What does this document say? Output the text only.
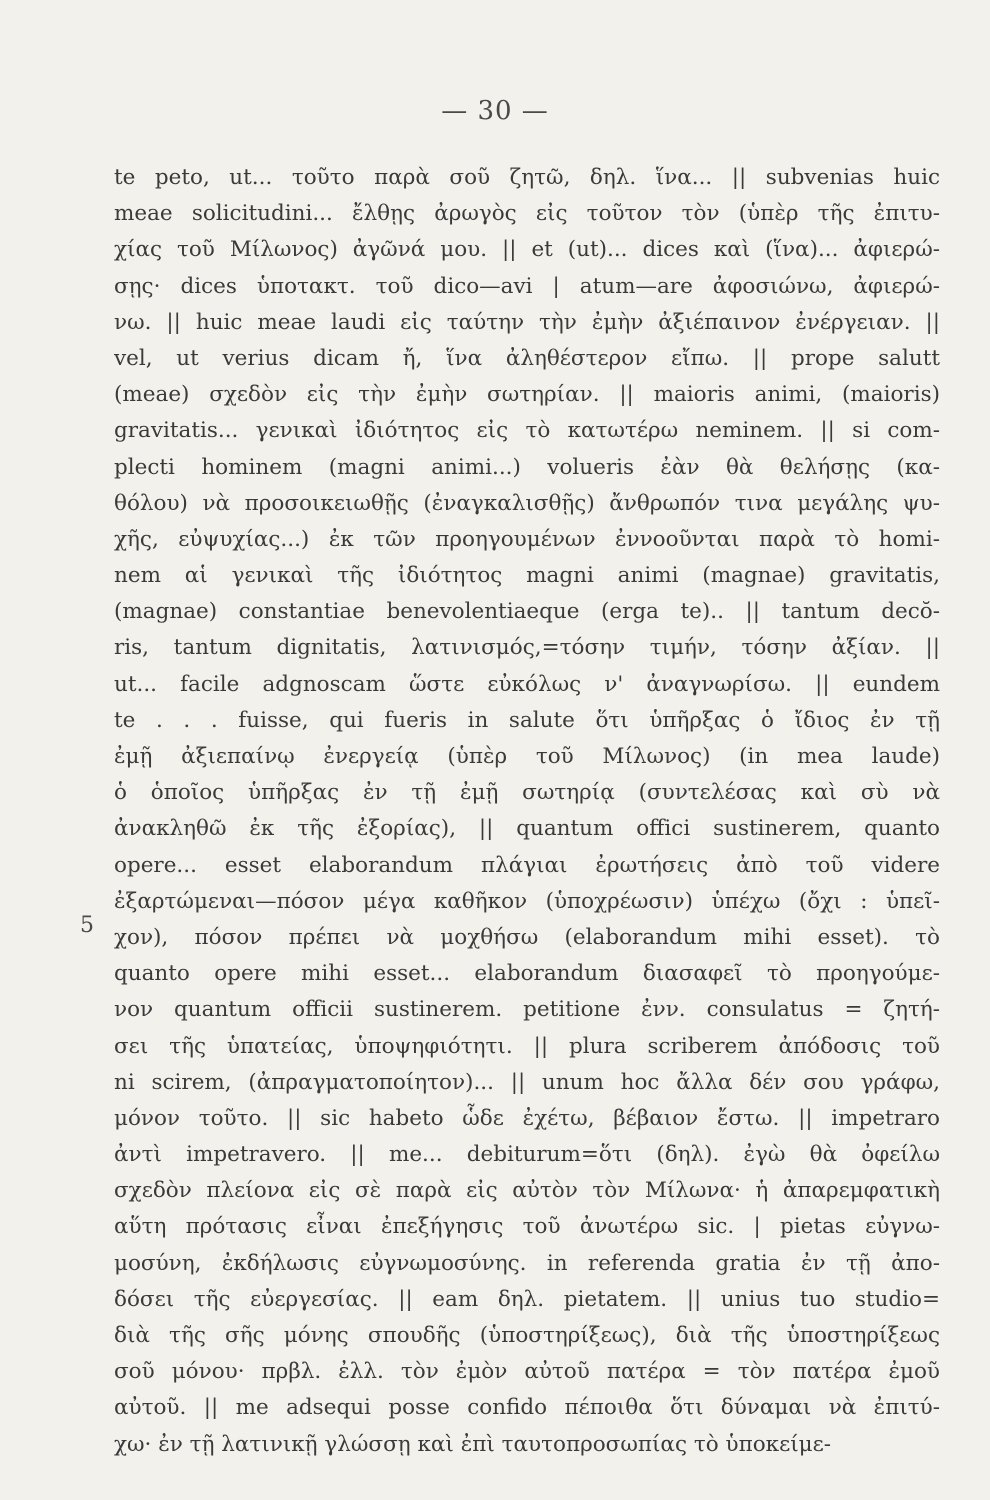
— 30 —
5
te peto, ut... τοῦτο παρὰ σοῦ ζητῶ, δηλ. ἵνα... || subvenias huic
meae solicitudini... ἔλθῃς ἀρωγὸς εἰς τοῦτον τὸν (ὑπὲρ τῆς ἐπιτυ-
χίας τοῦ Μίλωνος) ἀγῶνά μου. || et (ut)... dices καὶ (ἵνα)... ἀφιερώ-
σῃς· dices ὑποτακτ. τοῦ dico—avi | atum—are ἀφοσιώνω, ἀφιερώ-
νω. || huic meae laudi εἰς ταύτην τὴν ἐμὴν ἀξιέπαινον ἐνέργειαν. ||
vel, ut verius dicam ἤ, ἵνα ἀληθέστερον εἴπω. || prope salutt
(meae) σχεδὸν εἰς τὴν ἐμὴν σωτηρίαν. || maioris animi, (maioris)
gravitatis... γενικαὶ ἰδιότητος εἰς τὸ κατωτέρω neminem. || si com-
plecti hominem (magni animi...) volueris ἐὰν θὰ θελήσῃς (κα-
θόλου) νὰ προσοικειωθῇς (ἐναγκαλισθῇς) ἄνθρωπόν τινα μεγάλης ψυ-
χῆς, εὐψυχίας...) ἐκ τῶν προηγουμένων ἐννοοῦνται παρὰ τὸ homi-
nem αἱ γενικαὶ τῆς ἰδιότητος magni animi (magnae) gravitatis,
(magnae) constantiae benevolentiaeque (erga te).. || tantum decŏ-
ris, tantum dignitatis, λατινισμός,=τόσην τιμήν, τόσην ἀξίαν. ||
ut... facile adgnoscam ὥστε εὐκόλως ν' ἀναγνωρίσω. || eundem
te . . . fuisse, qui fueris in salute ὅτι ὑπῆρξας ὁ ἴδιος ἐν τῇ
ἐμῇ ἀξιεπαίνῳ ἐνεργείᾳ (ὑπὲρ τοῦ Μίλωνος) (in mea laude)
ὁ ὁποῖος ὑπῆρξας ἐν τῇ ἐμῇ σωτηρίᾳ (συντελέσας καὶ σὺ νὰ
ἀνακληθῶ ἐκ τῆς ἐξορίας), || quantum offici sustinerem, quanto
opere... esset elaborandum πλάγιαι ἐρωτήσεις ἀπὸ τοῦ videre
ἐξαρτώμεναι—πόσον μέγα καθῆκον (ὑποχρέωσιν) ὑπέχω (ὄχι : ὑπεῖ-
χον), πόσον πρέπει νὰ μοχθήσω (elaborandum mihi esset). τὸ
quanto opere mihi esset... elaborandum διασαφεῖ τὸ προηγούμε-
νον quantum officii sustinerem. petitione ἐνν. consulatus = ζητή-
σει τῆς ὑπατείας, ὑποψηφιότητι. || plura scriberem ἀπόδοσις τοῦ
ni scirem, (ἀπραγματοποίητον)... || unum hoc ἄλλα δέν σου γράφω,
μόνον τοῦτο. || sic habeto ὧδε ἐχέτω, βέβαιον ἔστω. || impetraro
ἀντὶ impetravero. || me... debiturum=ὅτι (δηλ). ἐγὼ θὰ ὀφείλω
σχεδὸν πλείονα εἰς σὲ παρὰ εἰς αὐτὸν τὸν Μίλωνα· ἡ ἀπαρεμφατικὴ
αὕτη πρότασις εἶναι ἐπεξήγησις τοῦ ἀνωτέρω sic. | pietas εὐγνω-
μοσύνη, ἐκδήλωσις εὐγνωμοσύνης. in referenda gratia ἐν τῇ ἀπο-
δόσει τῆς εὐεργεσίας. || eam δηλ. pietatem. || unius tuo studio=
διὰ τῆς σῆς μόνης σπουδῆς (ὑποστηρίξεως), διὰ τῆς ὑποστηρίξεως
σοῦ μόνου· πρβλ. ἐλλ. τὸν ἐμὸν αὐτοῦ πατέρα = τὸν πατέρα ἐμοῦ
αὐτοῦ. || me adsequi posse confido πέποιθα ὅτι δύναμαι νὰ ἐπιτύ-
χω· ἐν τῇ λατινικῇ γλώσσῃ καὶ ἐπὶ ταυτοπροσωπίας τὸ ὑποκείμε-
